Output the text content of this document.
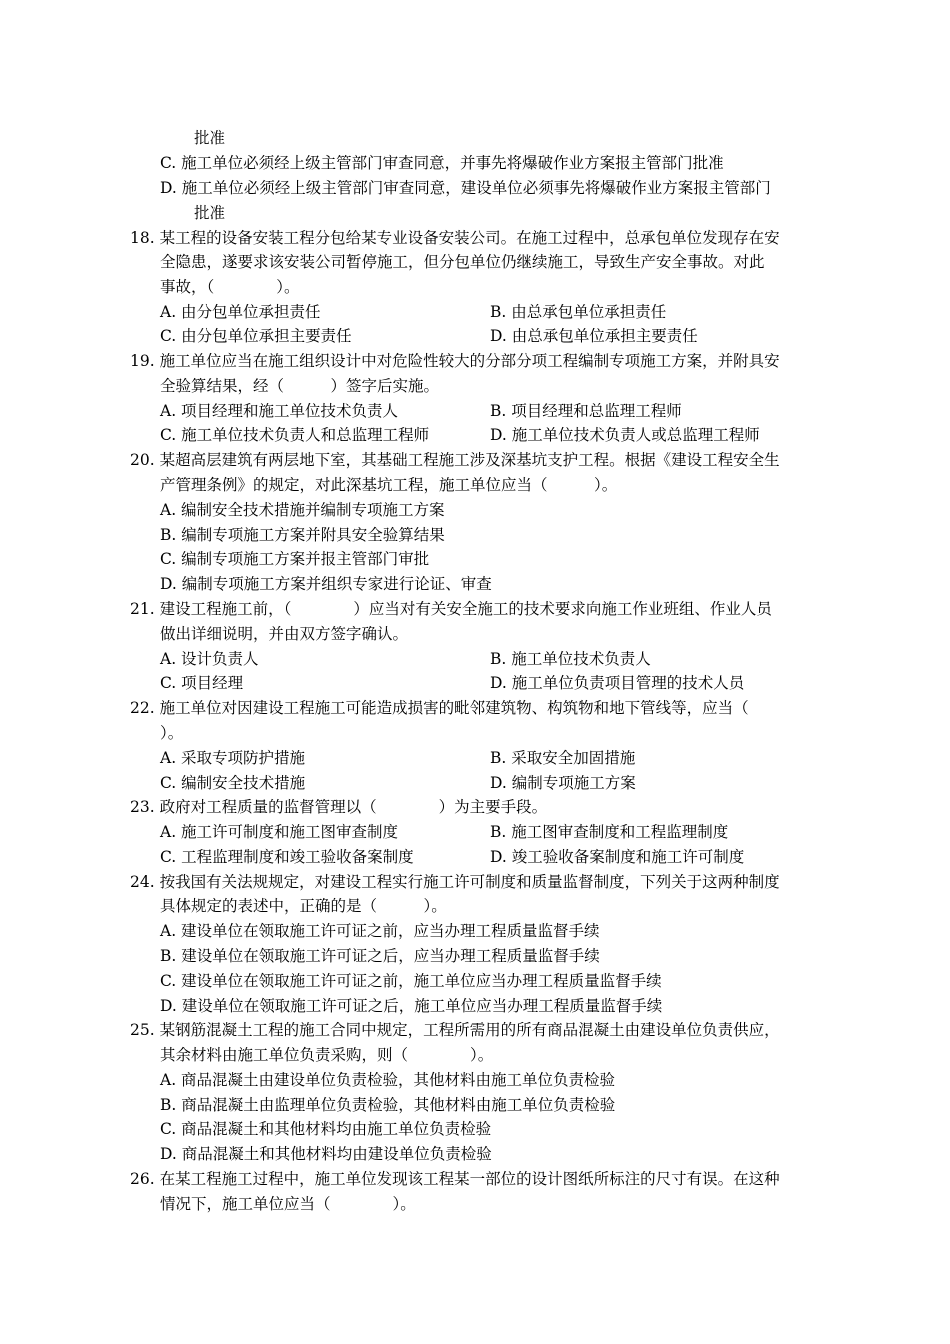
批准
C. 施工单位必须经上级主管部门审查同意，并事先将爆破作业方案报主管部门批准
D. 施工单位必须经上级主管部门审查同意，建设单位必须事先将爆破作业方案报主管部门
批准
18. 某工程的设备安装工程分包给某专业设备安装公司。在施工过程中，总承包单位发现存在安
全隐患，遂要求该安装公司暂停施工，但分包单位仍继续施工，导致生产安全事故。对此
事故，（　　　　）。
A. 由分包单位承担责任	B. 由总承包单位承担责任
C. 由分包单位承担主要责任	D. 由总承包单位承担主要责任
19. 施工单位应当在施工组织设计中对危险性较大的分部分项工程编制专项施工方案，并附具安
全验算结果，经（　　　）签字后实施。
A. 项目经理和施工单位技术负责人	B. 项目经理和总监理工程师
C. 施工单位技术负责人和总监理工程师	D. 施工单位技术负责人或总监理工程师
20. 某超高层建筑有两层地下室，其基础工程施工涉及深基坑支护工程。根据《建设工程安全生
产管理条例》的规定，对此深基坑工程，施工单位应当（　　　）。
A. 编制安全技术措施并编制专项施工方案
B. 编制专项施工方案并附具安全验算结果
C. 编制专项施工方案并报主管部门审批
D. 编制专项施工方案并组织专家进行论证、审查
21. 建设工程施工前，（　　　　）应当对有关安全施工的技术要求向施工作业班组、作业人员
做出详细说明，并由双方签字确认。
A. 设计负责人	B. 施工单位技术负责人
C. 项目经理	D. 施工单位负责项目管理的技术人员
22. 施工单位对因建设工程施工可能造成损害的毗邻建筑物、构筑物和地下管线等，应当（
）。
A. 采取专项防护措施	B. 采取安全加固措施
C. 编制安全技术措施	D. 编制专项施工方案
23. 政府对工程质量的监督管理以（　　　　）为主要手段。
A. 施工许可制度和施工图审查制度	B. 施工图审查制度和工程监理制度
C. 工程监理制度和竣工验收备案制度	D. 竣工验收备案制度和施工许可制度
24. 按我国有关法规规定，对建设工程实行施工许可制度和质量监督制度，下列关于这两种制度
具体规定的表述中，正确的是（　　　）。
A. 建设单位在领取施工许可证之前，应当办理工程质量监督手续
B. 建设单位在领取施工许可证之后，应当办理工程质量监督手续
C. 建设单位在领取施工许可证之前，施工单位应当办理工程质量监督手续
D. 建设单位在领取施工许可证之后，施工单位应当办理工程质量监督手续
25. 某钢筋混凝土工程的施工合同中规定，工程所需用的所有商品混凝土由建设单位负责供应，
其余材料由施工单位负责采购，则（　　　　）。
A. 商品混凝土由建设单位负责检验，其他材料由施工单位负责检验
B. 商品混凝土由监理单位负责检验，其他材料由施工单位负责检验
C. 商品混凝土和其他材料均由施工单位负责检验
D. 商品混凝土和其他材料均由建设单位负责检验
26. 在某工程施工过程中，施工单位发现该工程某一部位的设计图纸所标注的尺寸有误。在这种
情况下，施工单位应当（　　　　）。
